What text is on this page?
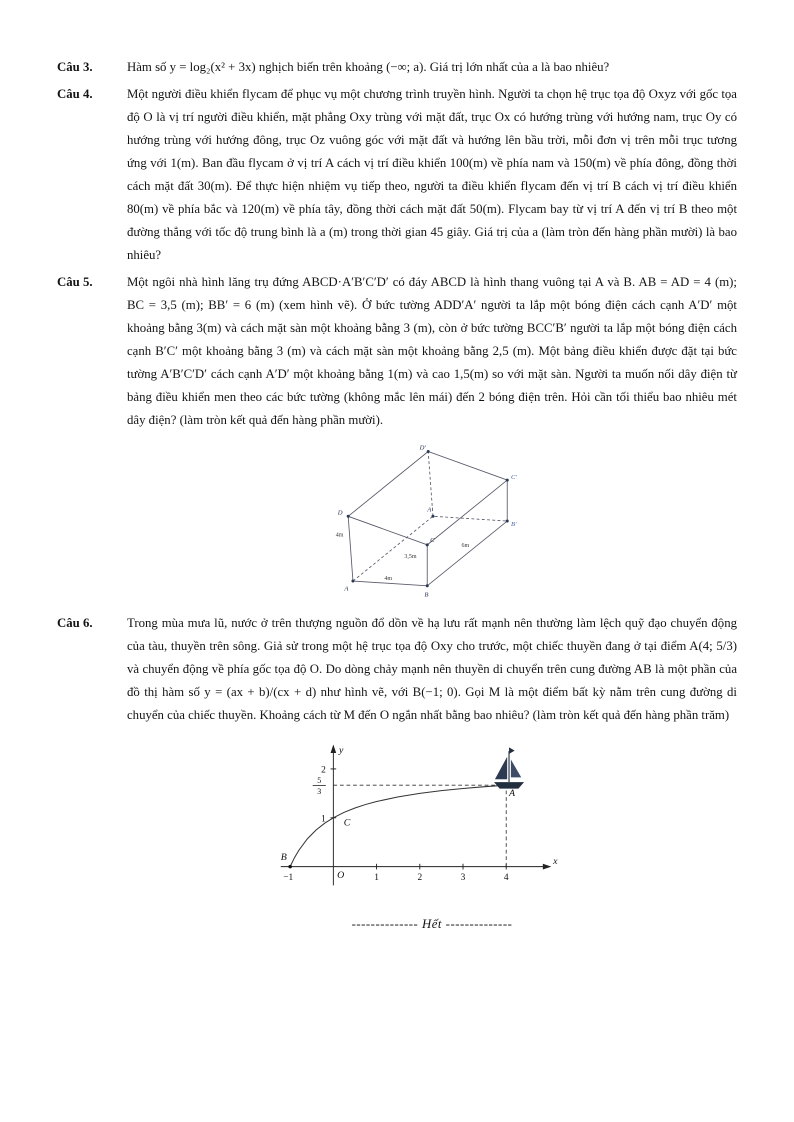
Câu 3.	Hàm số y = log₂(x² + 3x) nghịch biến trên khoảng (−∞; a). Giá trị lớn nhất của a là bao nhiêu?

Câu 4.	Một người điều khiển flycam để phục vụ một chương trình truyền hình. Người ta chọn hệ trục tọa độ Oxyz với gốc tọa độ O là vị trí người điều khiển, mặt phẳng Oxy trùng với mặt đất, trục Ox có hướng trùng với hướng nam, trục Oy có hướng trùng với hướng đông, trục Oz vuông góc với mặt đất và hướng lên bầu trời, mỗi đơn vị trên mỗi trục tương ứng với 1(m). Ban đầu flycam ở vị trí A cách vị trí điều khiển 100(m) về phía nam và 150(m) về phía đông, đồng thời cách mặt đất 30(m). Để thực hiện nhiệm vụ tiếp theo, người ta điều khiển flycam đến vị trí B cách vị trí điều khiển 80(m) về phía bắc và 120(m) về phía tây, đồng thời cách mặt đất 50(m). Flycam bay từ vị trí A đến vị trí B theo một đường thẳng với tốc độ trung bình là a (m) trong thời gian 45 giây. Giá trị của a (làm tròn đến hàng phần mười) là bao nhiêu?

Câu 5.	Một ngôi nhà hình lăng trụ đứng ABCD·A′B′C′D′ có đáy ABCD là hình thang vuông tại A và B. AB = AD = 4 (m); BC = 3,5 (m); BB′ = 6 (m) (xem hình vẽ). Ở bức tường ADD′A′ người ta lắp một bóng điện cách cạnh A′D′ một khoảng bằng 3(m) và cách mặt sàn một khoảng bằng 3 (m), còn ở bức tường BCC′B′ người ta lắp một bóng điện cách cạnh B′C′ một khoảng bằng 3 (m) và cách mặt sàn một khoảng bằng 2,5 (m). Một bảng điều khiển được đặt tại bức tường A′B′C′D′ cách cạnh A′D′ một khoảng bằng 1(m) và cao 1,5(m) so với mặt sàn. Người ta muốn nối dây điện từ bảng điều khiển men theo các bức tường (không mắc lên mái) đến 2 bóng điện trên. Hỏi cần tối thiểu bao nhiêu mét dây điện? (làm tròn kết quả đến hàng phần mười).

A
B
C
D	A′
B′
C′
D′
4m
3,5m
6m
4m
Câu 6.	Trong mùa mưa lũ, nước ở trên thượng nguồn đổ dồn về hạ lưu rất mạnh nên thường làm lệch quỹ đạo chuyển động của tàu, thuyền trên sông. Giả sử trong một hệ trục tọa độ Oxy cho trước, một chiếc thuyền đang ở tại điểm A(4; 5/3) và chuyển động về phía gốc tọa độ O. Do dòng chảy mạnh nên thuyền di chuyển trên cung đường AB là một phần của đồ thị hàm số y = (ax + b)/(cx + d) như hình vẽ, với B(−1; 0). Gọi M là một điểm bất kỳ nằm trên cung đường di chuyển của chiếc thuyền. Khoảng cách từ M đến O ngắn nhất bằng bao nhiêu? (làm tròn kết quả đến hàng phần trăm)

y
x
2
5
3
1
1	2	3	4
−1
B
O
C
A
-------------- Hết --------------
